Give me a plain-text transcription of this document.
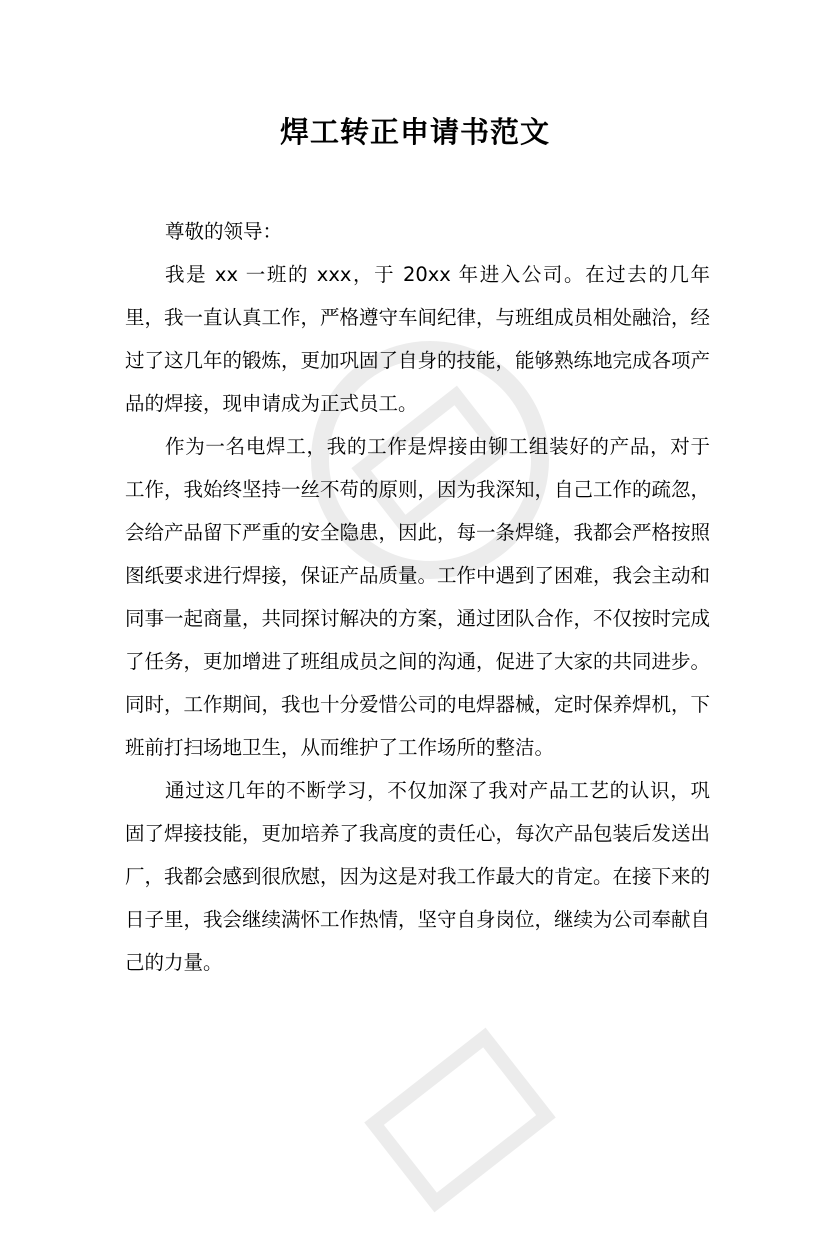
焊工转正申请书范文

尊敬的领导：

我是 xx 一班的 xxx，于 20xx 年进入公司。在过去的几年里，我一直认真工作，严格遵守车间纪律，与班组成员相处融洽，经过了这几年的锻炼，更加巩固了自身的技能，能够熟练地完成各项产品的焊接，现申请成为正式员工。

作为一名电焊工，我的工作是焊接由铆工组装好的产品，对于工作，我始终坚持一丝不苟的原则，因为我深知，自己工作的疏忽，会给产品留下严重的安全隐患，因此，每一条焊缝，我都会严格按照图纸要求进行焊接，保证产品质量。工作中遇到了困难，我会主动和同事一起商量，共同探讨解决的方案，通过团队合作，不仅按时完成了任务，更加增进了班组成员之间的沟通，促进了大家的共同进步。同时，工作期间，我也十分爱惜公司的电焊器械，定时保养焊机，下班前打扫场地卫生，从而维护了工作场所的整洁。

通过这几年的不断学习，不仅加深了我对产品工艺的认识，巩固了焊接技能，更加培养了我高度的责任心，每次产品包装后发送出厂，我都会感到很欣慰，因为这是对我工作最大的肯定。在接下来的日子里，我会继续满怀工作热情，坚守自身岗位，继续为公司奉献自己的力量。
